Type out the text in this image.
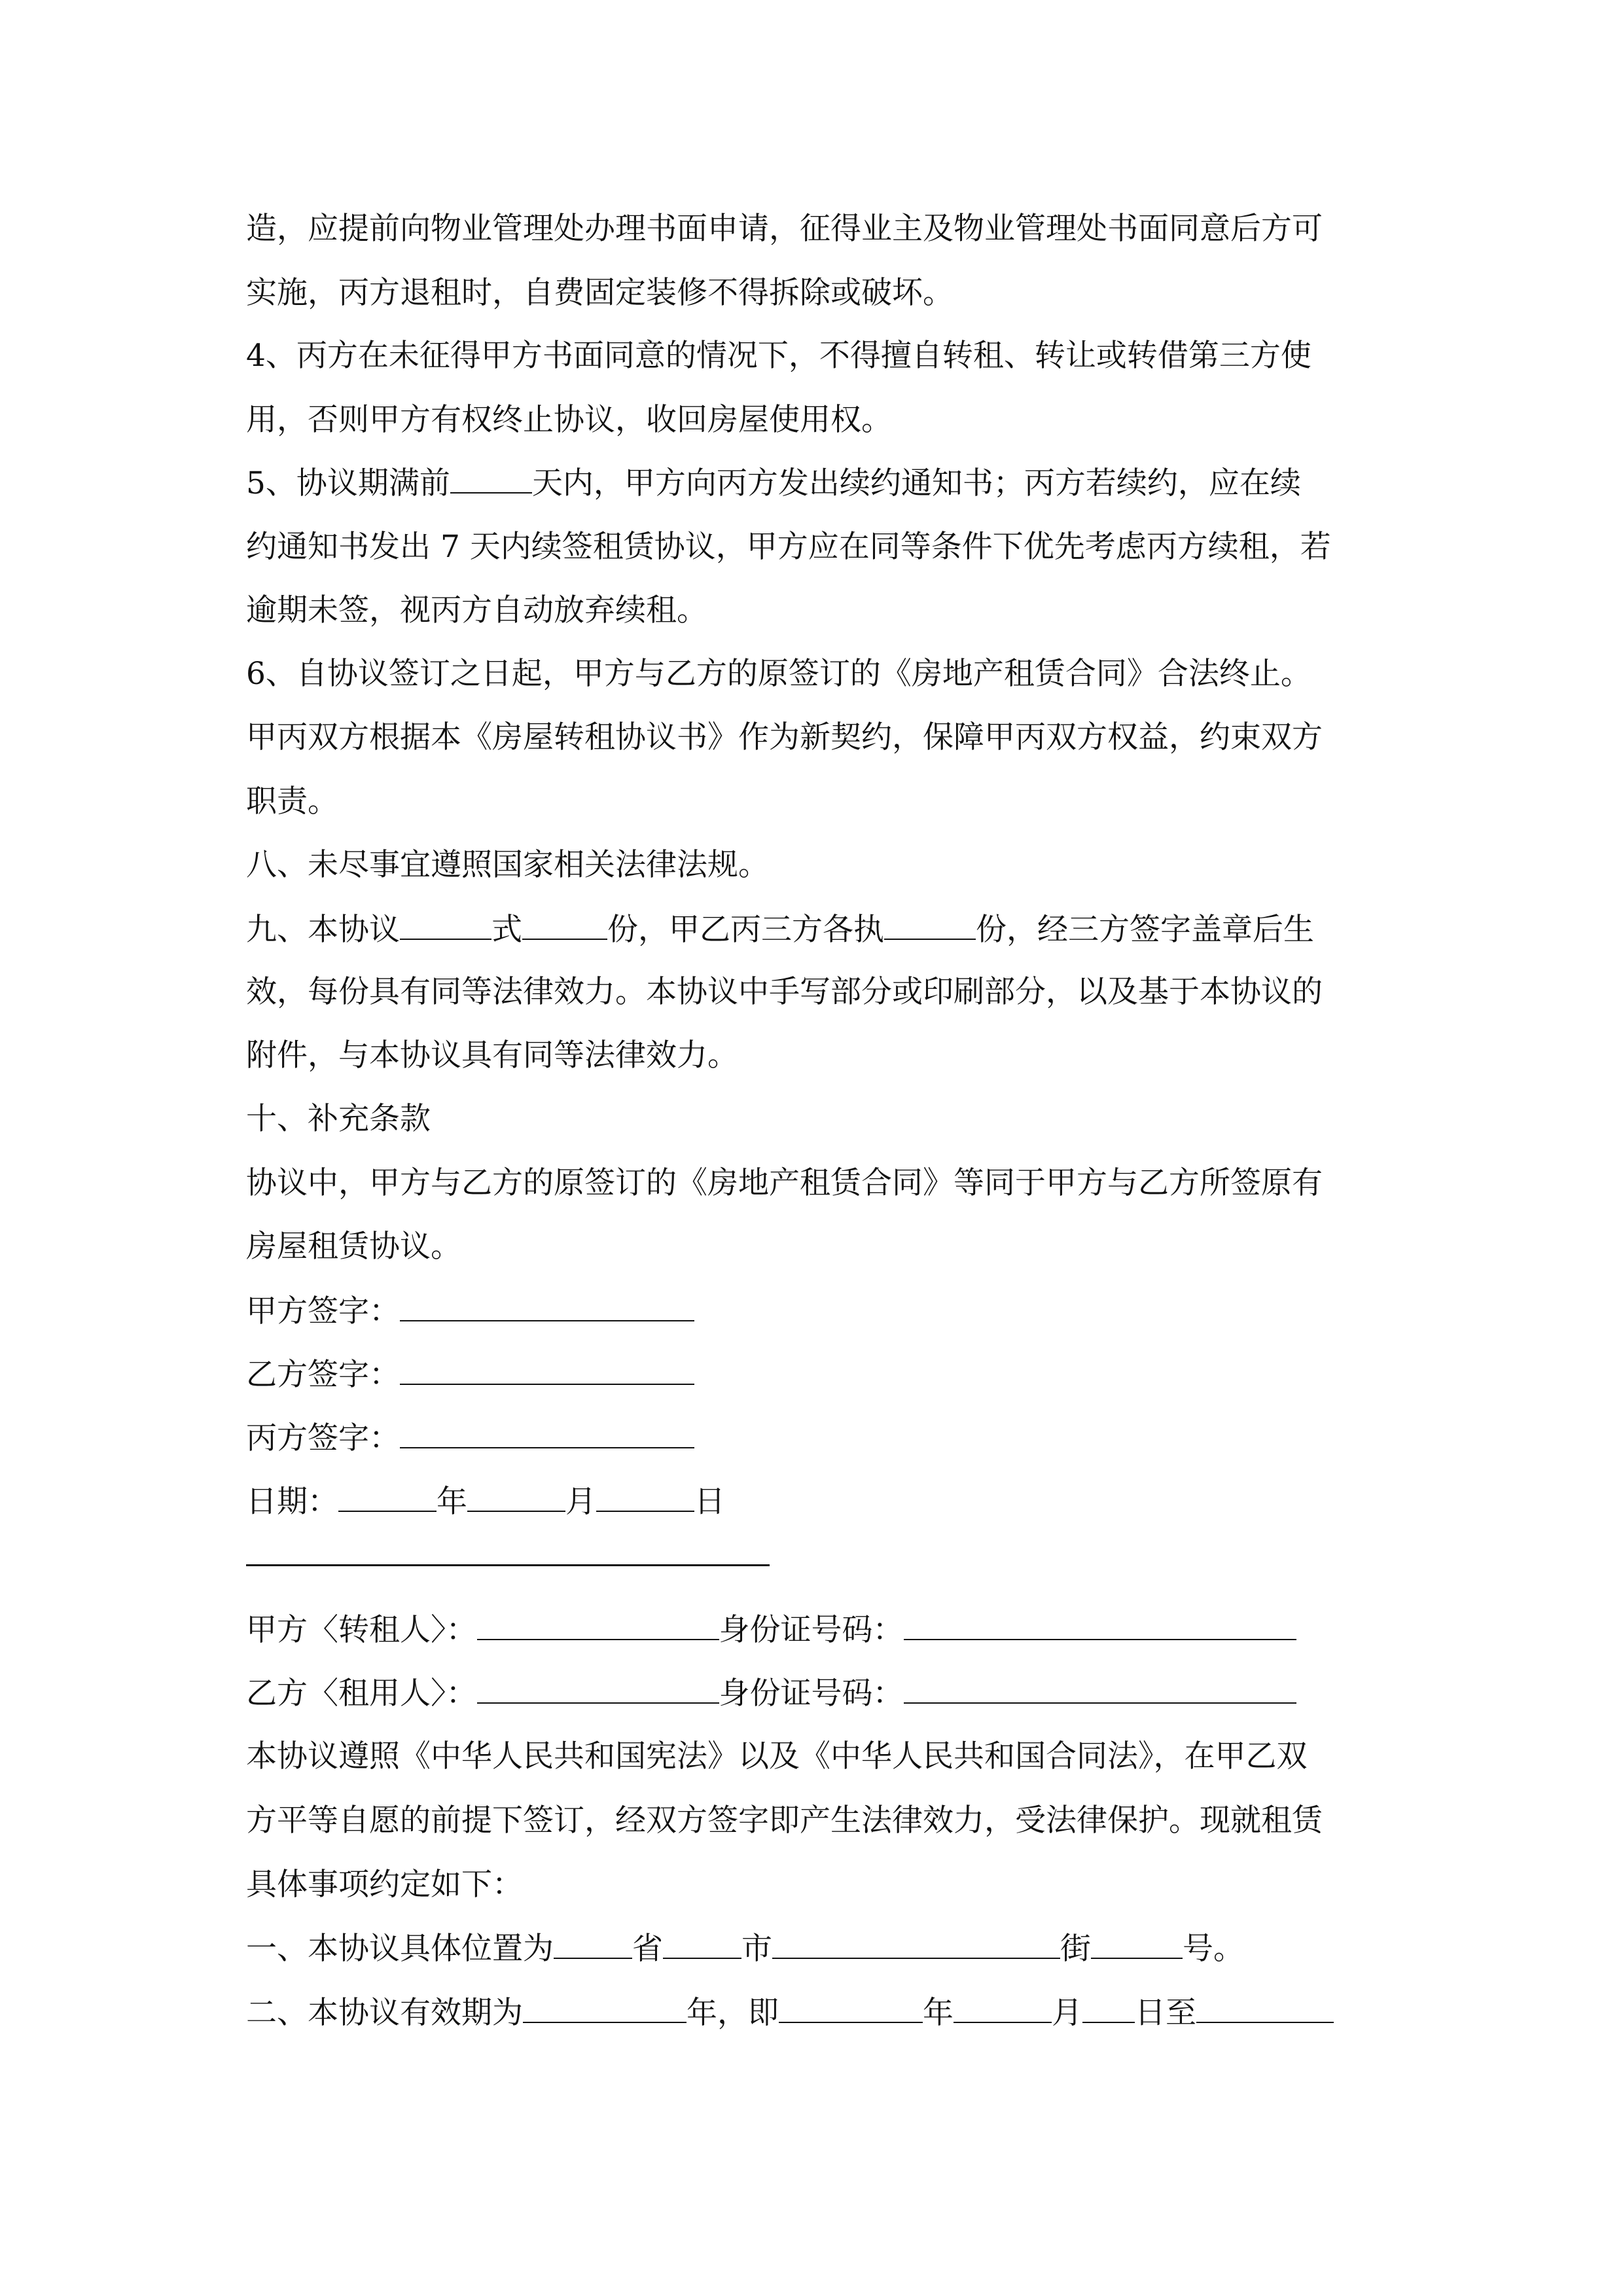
造，应提前向物业管理处办理书面申请，征得业主及物业管理处书面同意后方可
实施，丙方退租时，自费固定装修不得拆除或破坏。
4、丙方在未征得甲方书面同意的情况下，不得擅自转租、转让或转借第三方使
用，否则甲方有权终止协议，收回房屋使用权。
5、协议期满前	天内，甲方向丙方发出续约通知书；丙方若续约，应在续
约通知书发出 7 天内续签租赁协议，甲方应在同等条件下优先考虑丙方续租，若
逾期未签，视丙方自动放弃续租。
6、自协议签订之日起，甲方与乙方的原签订的《房地产租赁合同》合法终止。
甲丙双方根据本《房屋转租协议书》作为新契约，保障甲丙双方权益，约束双方
职责。
八、未尽事宜遵照国家相关法律法规。
九、本协议	式	份，甲乙丙三方各执	份，经三方签字盖章后生
效，每份具有同等法律效力。本协议中手写部分或印刷部分，以及基于本协议的
附件，与本协议具有同等法律效力。
十、补充条款
协议中，甲方与乙方的原签订的《房地产租赁合同》等同于甲方与乙方所签原有
房屋租赁协议。
甲方签字：
乙方签字：
丙方签字：
日期：	年	月	日
甲方〈转租人〉：	身份证号码：
乙方〈租用人〉：	身份证号码：
本协议遵照《中华人民共和国宪法》以及《中华人民共和国合同法》，在甲乙双
方平等自愿的前提下签订，经双方签字即产生法律效力，受法律保护。现就租赁
具体事项约定如下：
一、本协议具体位置为	省	市	街	号。
二、本协议有效期为	年，即	年	月 日至
